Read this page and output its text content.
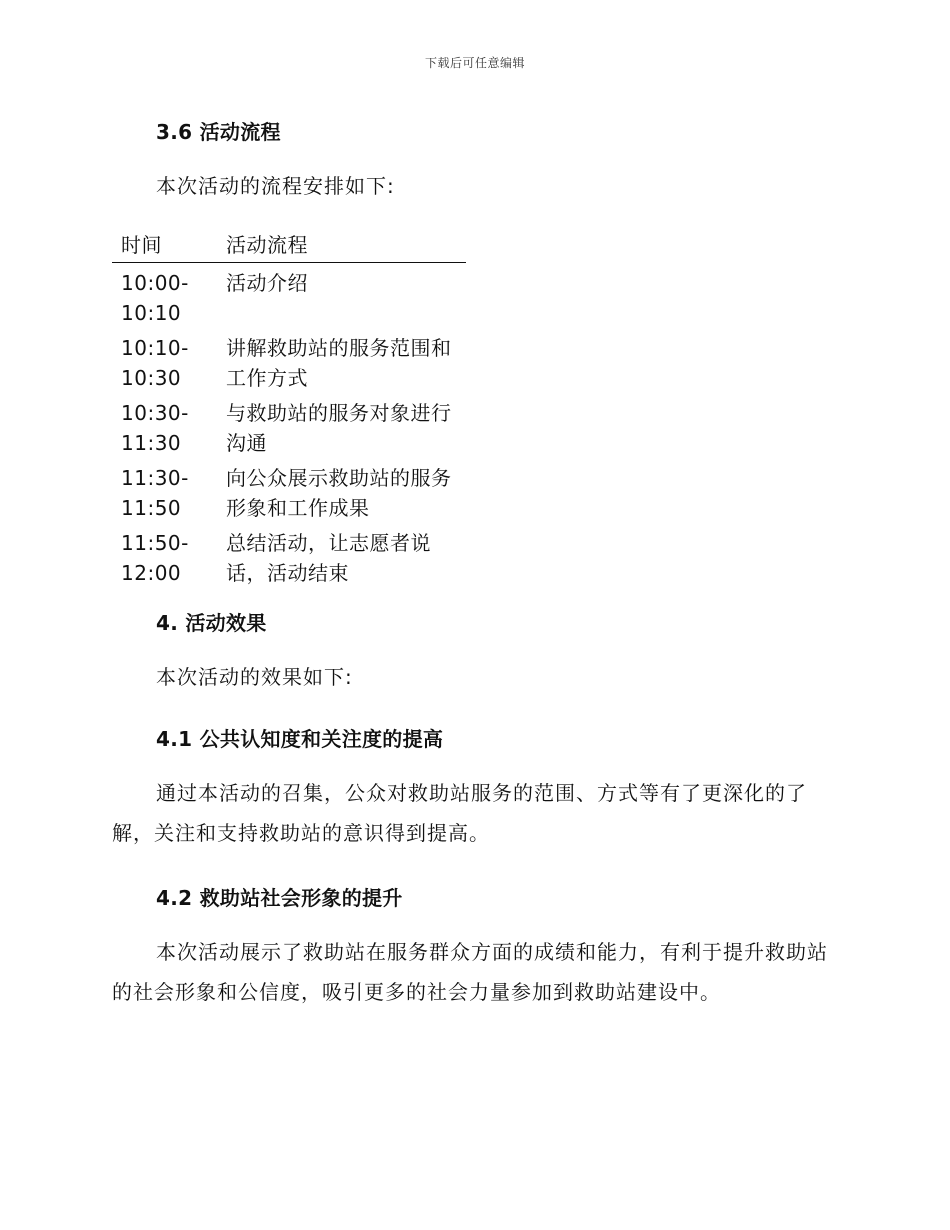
下载后可任意编辑
3.6 活动流程
本次活动的流程安排如下:
时间	活动流程
10:00-
10:10
活动介绍
10:10-
10:30
讲解救助站的服务范围和工作方式
10:30-
11:30
与救助站的服务对象进行沟通
11:30-
11:50
向公众展示救助站的服务形象和工作成果
11:50-
12:00
总结活动，让志愿者说话，活动结束
4. 活动效果
本次活动的效果如下:
4.1 公共认知度和关注度的提高
通过本活动的召集，公众对救助站服务的范围、方式等有了更深化的了解，关注和支持救助站的意识得到提高。
4.2 救助站社会形象的提升
本次活动展示了救助站在服务群众方面的成绩和能力，有利于提升救助站的社会形象和公信度，吸引更多的社会力量参加到救助站建设中。
